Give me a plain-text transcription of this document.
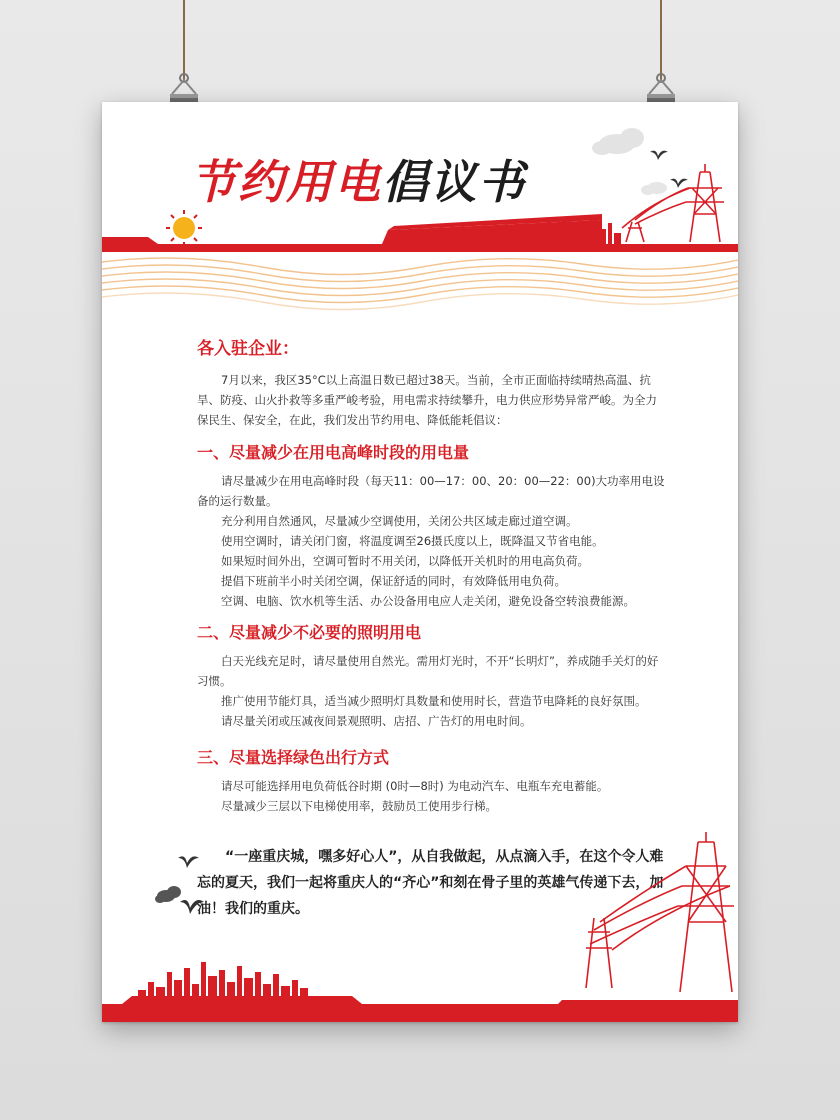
节约用电倡议书
各入驻企业：

7月以来，我区35°C以上高温日数已超过38天。当前，全市正面临持续晴热高温、抗旱、防疫、山火扑救等多重严峻考验，用电需求持续攀升，电力供应形势异常严峻。为全力保民生、保安全，在此，我们发出节约用电、降低能耗倡议：

一、尽量减少在用电高峰时段的用电量

请尽量减少在用电高峰时段（每天11：00—17：00、20：00—22：00)大功率用电设备的运行数量。

充分利用自然通风，尽量减少空调使用，关闭公共区域走廊过道空调。

使用空调时，请关闭门窗，将温度调至26摄氏度以上，既降温又节省电能。

如果短时间外出，空调可暂时不用关闭，以降低开关机时的用电高负荷。

提倡下班前半小时关闭空调，保证舒适的同时，有效降低用电负荷。

空调、电脑、饮水机等生活、办公设备用电应人走关闭，避免设备空转浪费能源。

二、尽量减少不必要的照明用电

白天光线充足时，请尽量使用自然光。需用灯光时，不开“长明灯”，养成随手关灯的好习惯。

推广使用节能灯具，适当减少照明灯具数量和使用时长，营造节电降耗的良好氛围。

请尽量关闭或压减夜间景观照明、店招、广告灯的用电时间。

三、尽量选择绿色出行方式

请尽可能选择用电负荷低谷时期 (0时—8时) 为电动汽车、电瓶车充电蓄能。

尽量减少三层以下电梯使用率，鼓励员工使用步行梯。

“一座重庆城，嘿多好心人”，从自我做起，从点滴入手，在这个令人难忘的夏天，我们一起将重庆人的“齐心”和刻在骨子里的英雄气传递下去，加油！我们的重庆。
